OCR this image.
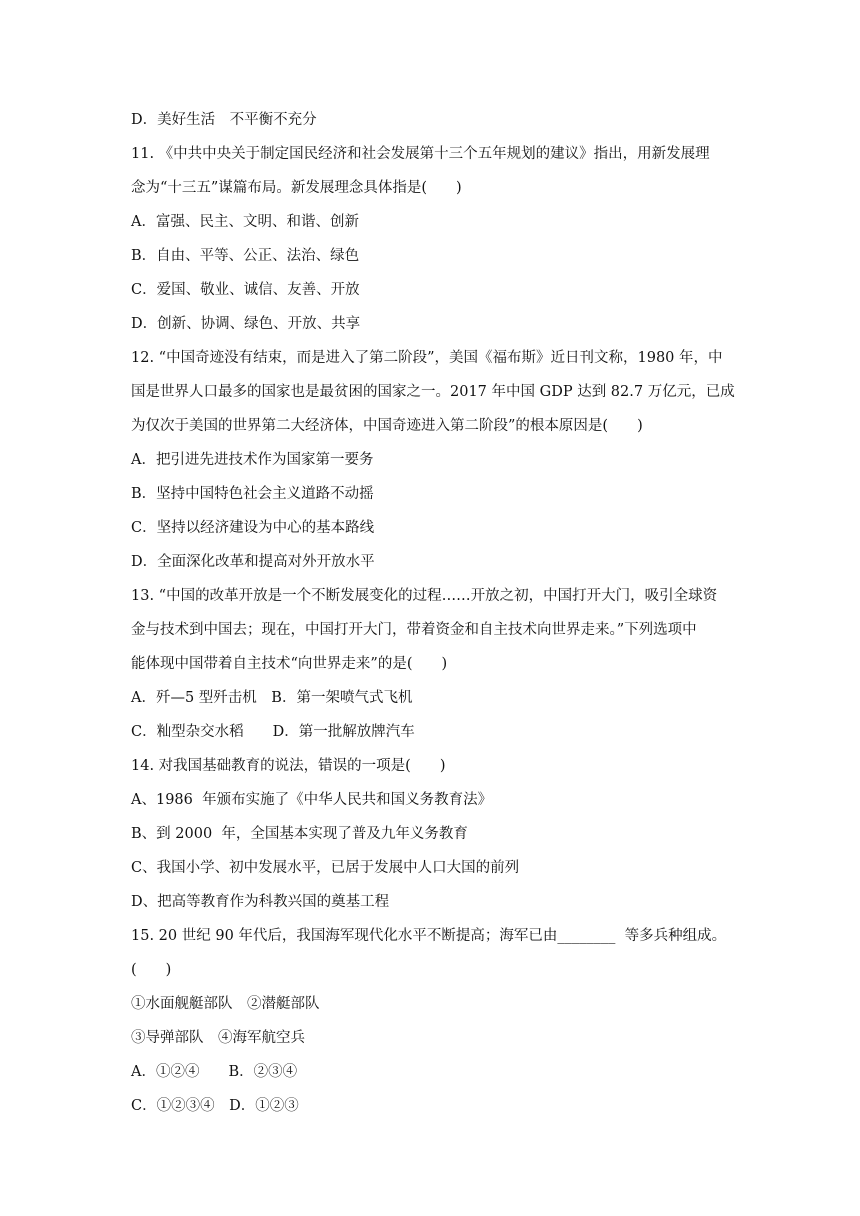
D．美好生活　不平衡不充分
11. 《中共中央关于制定国民经济和社会发展第十三个五年规划的建议》指出，用新发展理
念为“十三五”谋篇布局。新发展理念具体指是(　　)
A．富强、民主、文明、和谐、创新
B．自由、平等、公正、法治、绿色
C．爱国、敬业、诚信、友善、开放
D．创新、协调、绿色、开放、共享
12. “中国奇迹没有结束，而是进入了第二阶段”，美国《福布斯》近日刊文称，1980 年，中
国是世界人口最多的国家也是最贫困的国家之一。2017 年中国 GDP 达到 82.7 万亿元，已成
为仅次于美国的世界第二大经济体，中国奇迹进入第二阶段”的根本原因是(　　)
A．把引进先进技术作为国家第一要务
B．坚持中国特色社会主义道路不动摇
C．坚持以经济建设为中心的基本路线
D．全面深化改革和提高对外开放水平
13. “中国的改革开放是一个不断发展变化的过程……开放之初，中国打开大门，吸引全球资
金与技术到中国去；现在，中国打开大门，带着资金和自主技术向世界走来。”下列选项中
能体现中国带着自主技术“向世界走来”的是(　　)
A．歼—5 型歼击机　B．第一架喷气式飞机
C．籼型杂交水稻　　D．第一批解放牌汽车
14. 对我国基础教育的说法，错误的一项是(　　)
A、1986  年颁布实施了《中华人民共和国义务教育法》
B、到 2000  年，全国基本实现了普及九年义务教育
C、我国小学、初中发展水平，已居于发展中人口大国的前列
D、把高等教育作为科教兴国的奠基工程
15. 20 世纪 90 年代后，我国海军现代化水平不断提高；海军已由________  等多兵种组成。
(　　)
①水面舰艇部队　②潜艇部队
③导弹部队　④海军航空兵
A．①②④　　B．②③④
C．①②③④　D．①②③
